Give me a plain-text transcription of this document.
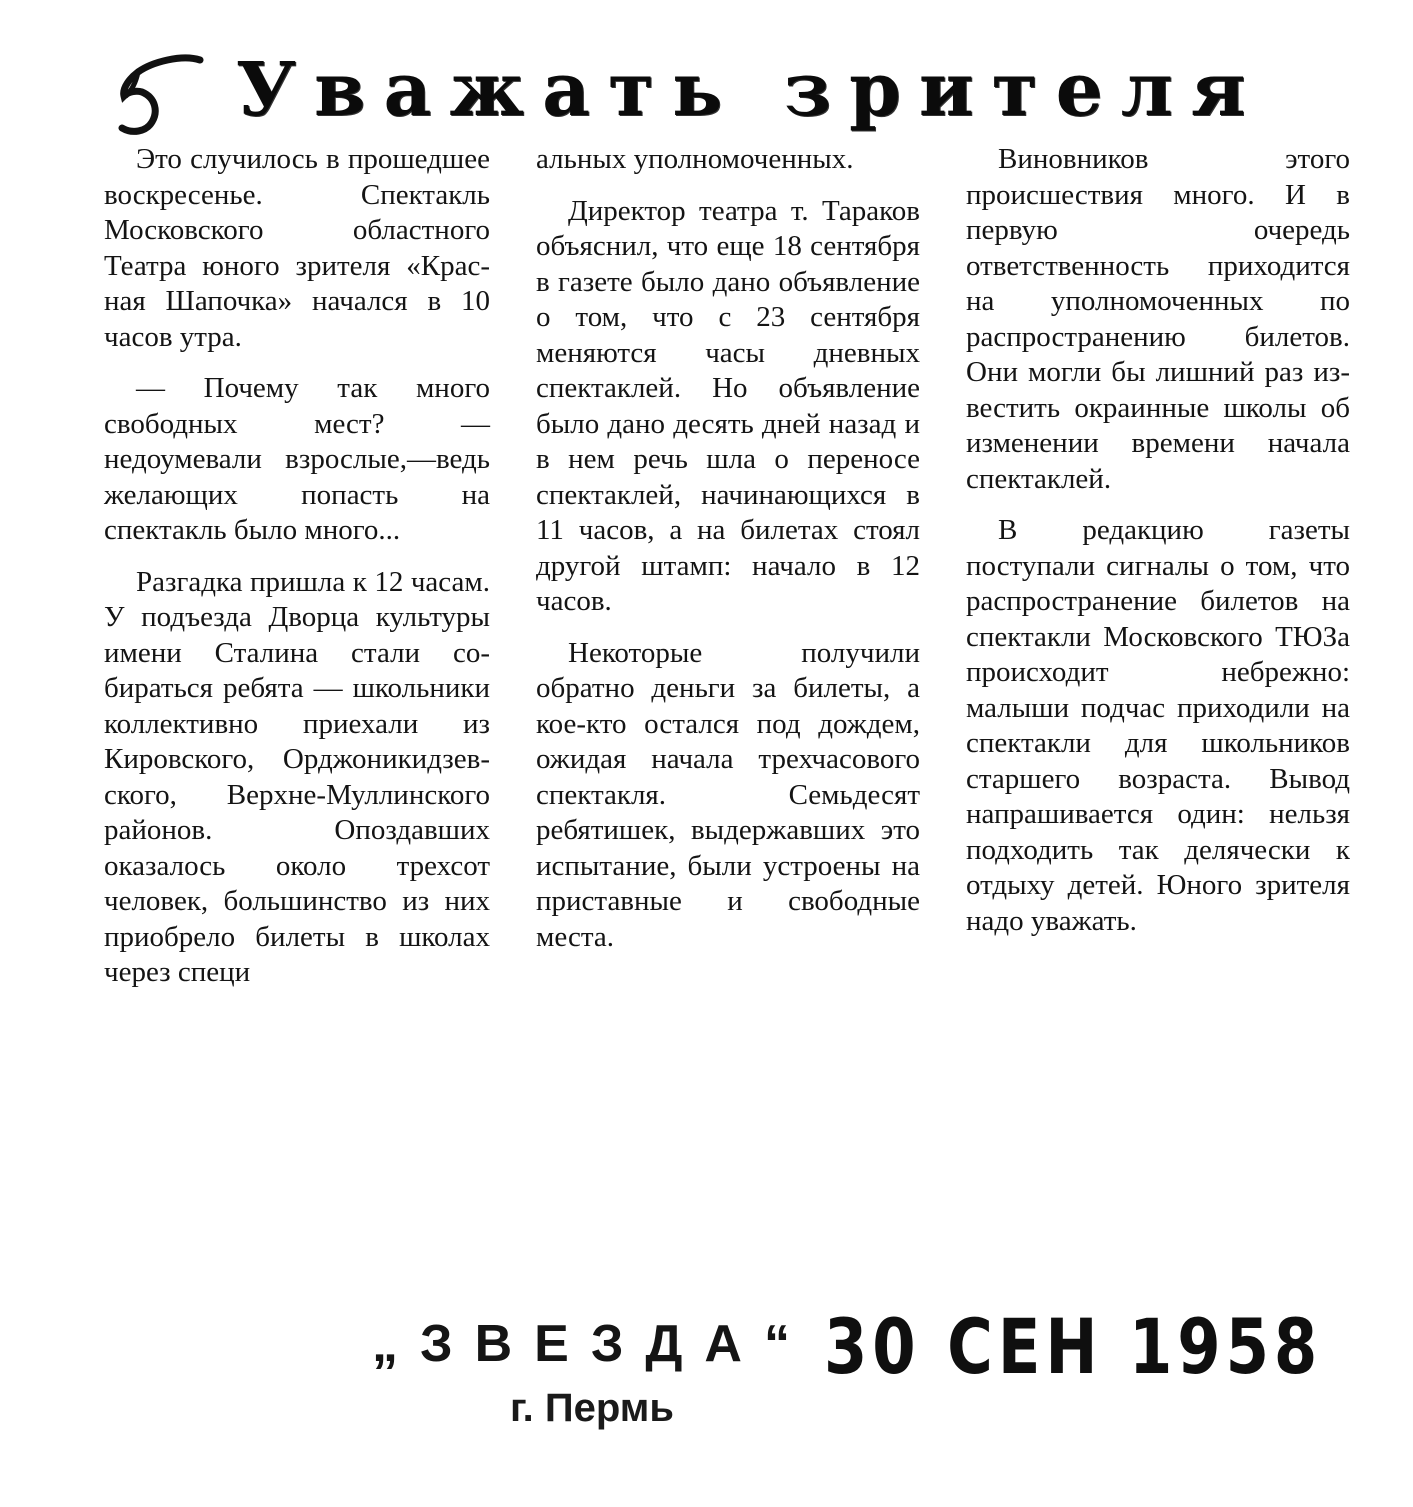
Уважать зрителя

Это случилось в прошедшее воскресенье. Спектакль Московского областного Театра юного зрителя «Красная Шапочка» начался в 10 часов утра.

— Почему так много свободных мест? — недоумевали взрослые,—ведь желающих попасть на спектакль было много...

Разгадка пришла к 12 часам. У подъезда Дворца культуры имени Сталина стали собираться ребята — школьники коллективно приехали из Кировского, Орджоникидзевского, Верхне-Муллинского районов. Опоздавших оказалось около трехсот человек, большинство из них приобрело билеты в школах через специ

альных уполномоченных.

Директор театра т. Тараков объяснил, что еще 18 сентября в газете было дано объявление о том, что с 23 сентября меняются часы дневных спектаклей. Но объявление было дано десять дней назад и в нем речь шла о переносе спектаклей, начинающихся в 11 часов, а на билетах стоял другой штамп: начало в 12 часов.

Некоторые получили обратно деньги за билеты, а кое-кто остался под дождем, ожидая начала трехчасового спектакля. Семьдесят ребятишек, выдержавших это испытание, были устроены на приставные и свободные места.

Виновников этого происшествия много. И в первую очередь ответственность приходится на уполномоченных по распространению билетов. Они могли бы лишний раз известить окраинные школы об изменении времени начала спектаклей.

В редакцию газеты поступали сигналы о том, что распространение билетов на спектакли Московского ТЮЗа происходит небрежно: малыши подчас приходили на спектакли для школьников старшего возраста. Вывод напрашивается один: нельзя подходить так делячески к отдыху детей. Юного зрителя надо уважать.

„ЗВЕЗДА“ 30 СЕН 1958
г. Пермь
